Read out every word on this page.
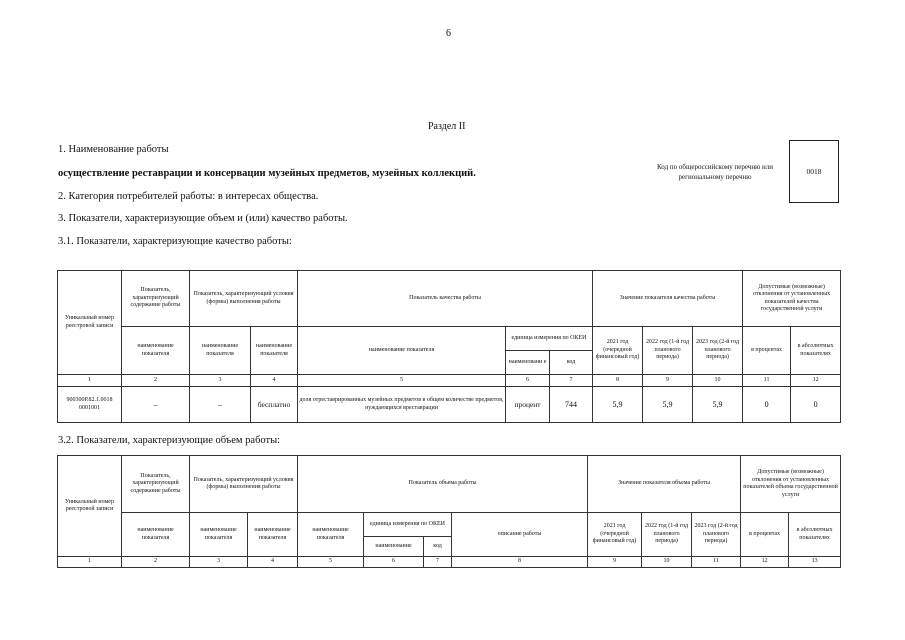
6
Раздел II
1. Наименование работы
осуществление реставрации и консервации музейных предметов, музейных коллекций.
2. Категория потребителей работы: в интересах общества.
3. Показатели, характеризующие объем и (или) качество работы.
3.1. Показатели, характеризующие качество работы:
Код по общероссийскому перечню или региональному перечню
0018
Уникальный номер реестровой записи	Показатель, характеризующий содержание работы	Показатель, характеризующий условия (формы) выполнения работы		Показатель качества работы			Значение показателя качества работы			Допустимые (возможные) отклонения от установленных показателей качества государственной услуги	
	наименование показателя	наименование показателя	наименование показателя	наименование показателя	единица измерения по ОКЕИ		2021 год (очередной финансовый год)	2022 год (1-й год планового периода)	2023 год (2-й год планового периода)	в процентах	в абсолютных показателях
					наименовани е	код					
1	2	3	4	5	6	7	8	9	10	11	12
900300Р.82.1.0018 0001001	–	–	бесплатно	доля отреставрированных музейных предметов в общем количестве предметов, нуждающихся вреставрации	процент	744	5,9	5,9	5,9	0	0
3.2. Показатели, характеризующие объем работы:
Уникальный номер реестровой записи	Показатель, характеризующий содержание работы	Показатель, характеризующий условия (формы) выполнения работы		Показатель объема работы				Значение показателя объема работы			Допустимые (возможные) отклонения от установленных показателей объема государственной услуги	
	наименование показателя	наименование показателя	наименование показателя	наименование показателя	единица измерения по ОКЕИ		описание работы	2021 год (очередной финансовый год)	2022 год (1-й год планового периода)	2023 год (2-й год планового периода)	в процентах	в абсолютных показателях
					наименование	код						
1	2	3	4	5	6	7	8	9	10	11	12	13
